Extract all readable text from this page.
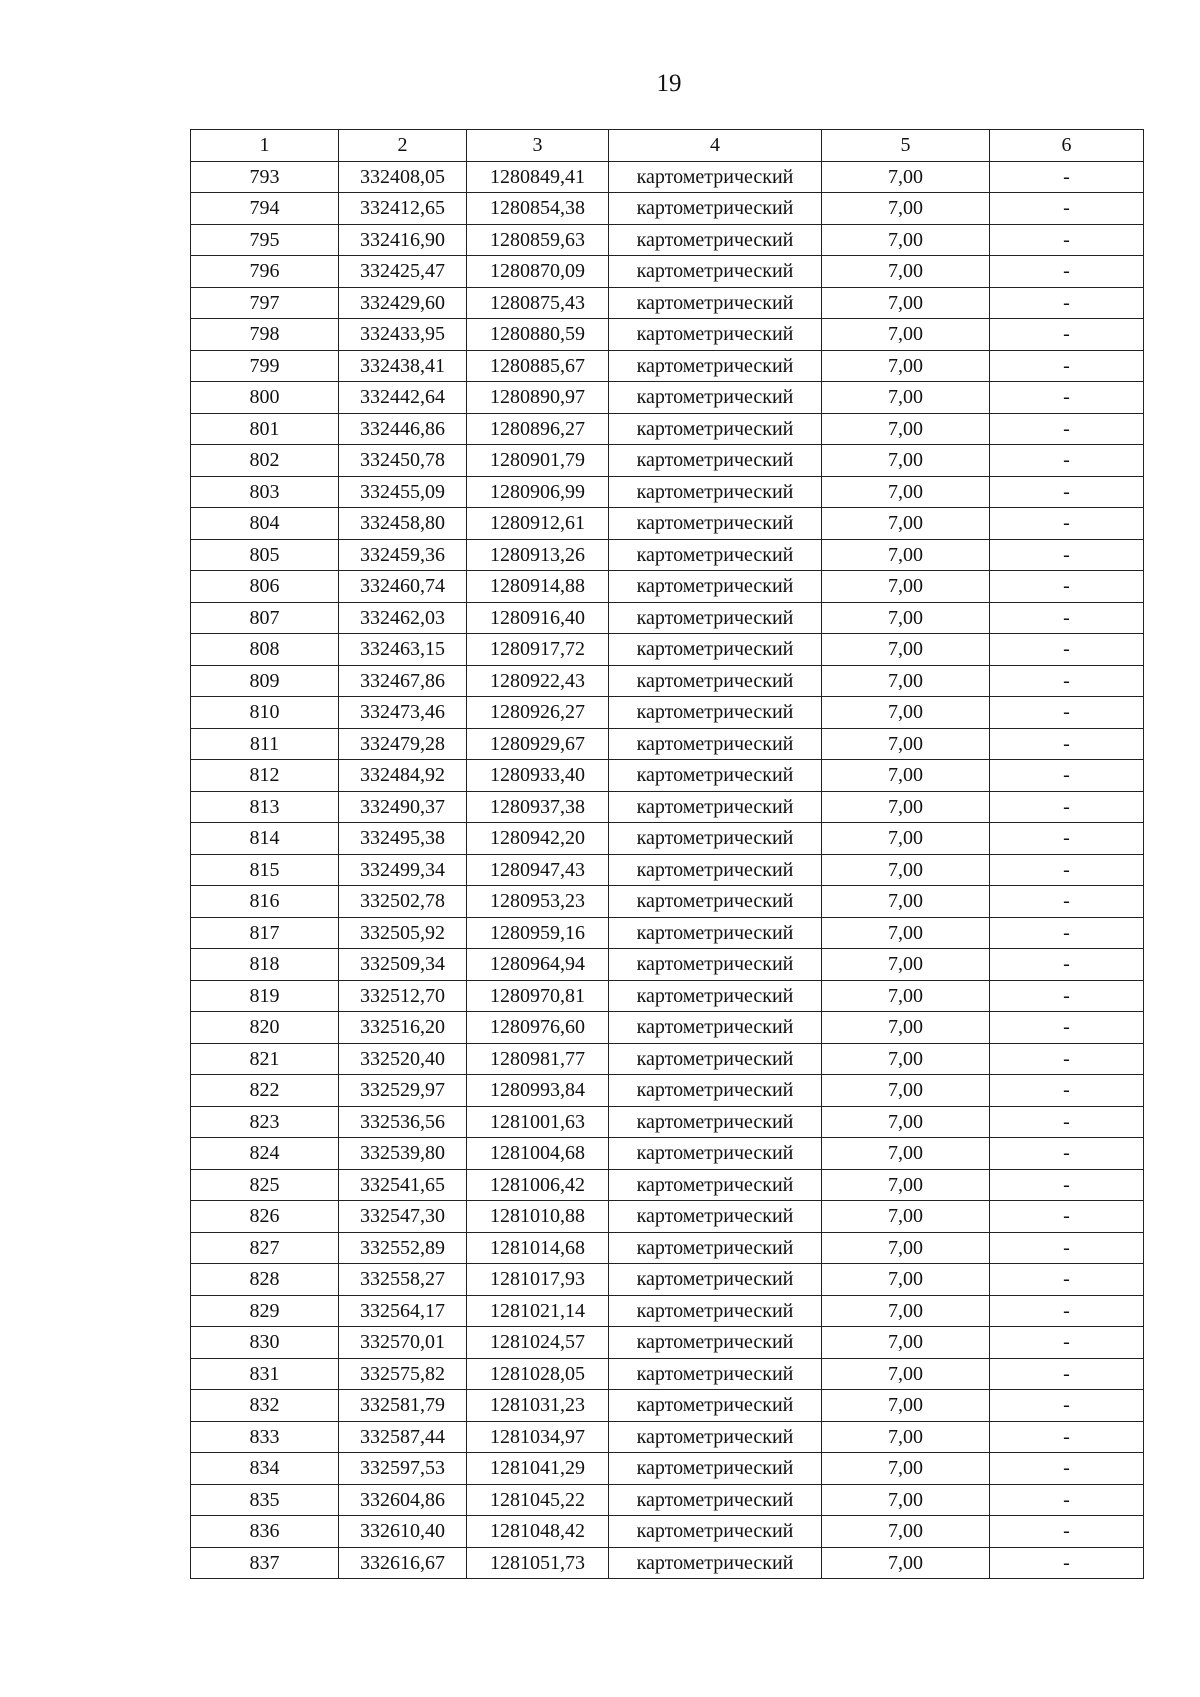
19
1	2	3	4	5	6
793	332408,05	1280849,41	картометрический	7,00	-
794	332412,65	1280854,38	картометрический	7,00	-
795	332416,90	1280859,63	картометрический	7,00	-
796	332425,47	1280870,09	картометрический	7,00	-
797	332429,60	1280875,43	картометрический	7,00	-
798	332433,95	1280880,59	картометрический	7,00	-
799	332438,41	1280885,67	картометрический	7,00	-
800	332442,64	1280890,97	картометрический	7,00	-
801	332446,86	1280896,27	картометрический	7,00	-
802	332450,78	1280901,79	картометрический	7,00	-
803	332455,09	1280906,99	картометрический	7,00	-
804	332458,80	1280912,61	картометрический	7,00	-
805	332459,36	1280913,26	картометрический	7,00	-
806	332460,74	1280914,88	картометрический	7,00	-
807	332462,03	1280916,40	картометрический	7,00	-
808	332463,15	1280917,72	картометрический	7,00	-
809	332467,86	1280922,43	картометрический	7,00	-
810	332473,46	1280926,27	картометрический	7,00	-
811	332479,28	1280929,67	картометрический	7,00	-
812	332484,92	1280933,40	картометрический	7,00	-
813	332490,37	1280937,38	картометрический	7,00	-
814	332495,38	1280942,20	картометрический	7,00	-
815	332499,34	1280947,43	картометрический	7,00	-
816	332502,78	1280953,23	картометрический	7,00	-
817	332505,92	1280959,16	картометрический	7,00	-
818	332509,34	1280964,94	картометрический	7,00	-
819	332512,70	1280970,81	картометрический	7,00	-
820	332516,20	1280976,60	картометрический	7,00	-
821	332520,40	1280981,77	картометрический	7,00	-
822	332529,97	1280993,84	картометрический	7,00	-
823	332536,56	1281001,63	картометрический	7,00	-
824	332539,80	1281004,68	картометрический	7,00	-
825	332541,65	1281006,42	картометрический	7,00	-
826	332547,30	1281010,88	картометрический	7,00	-
827	332552,89	1281014,68	картометрический	7,00	-
828	332558,27	1281017,93	картометрический	7,00	-
829	332564,17	1281021,14	картометрический	7,00	-
830	332570,01	1281024,57	картометрический	7,00	-
831	332575,82	1281028,05	картометрический	7,00	-
832	332581,79	1281031,23	картометрический	7,00	-
833	332587,44	1281034,97	картометрический	7,00	-
834	332597,53	1281041,29	картометрический	7,00	-
835	332604,86	1281045,22	картометрический	7,00	-
836	332610,40	1281048,42	картометрический	7,00	-
837	332616,67	1281051,73	картометрический	7,00	-
